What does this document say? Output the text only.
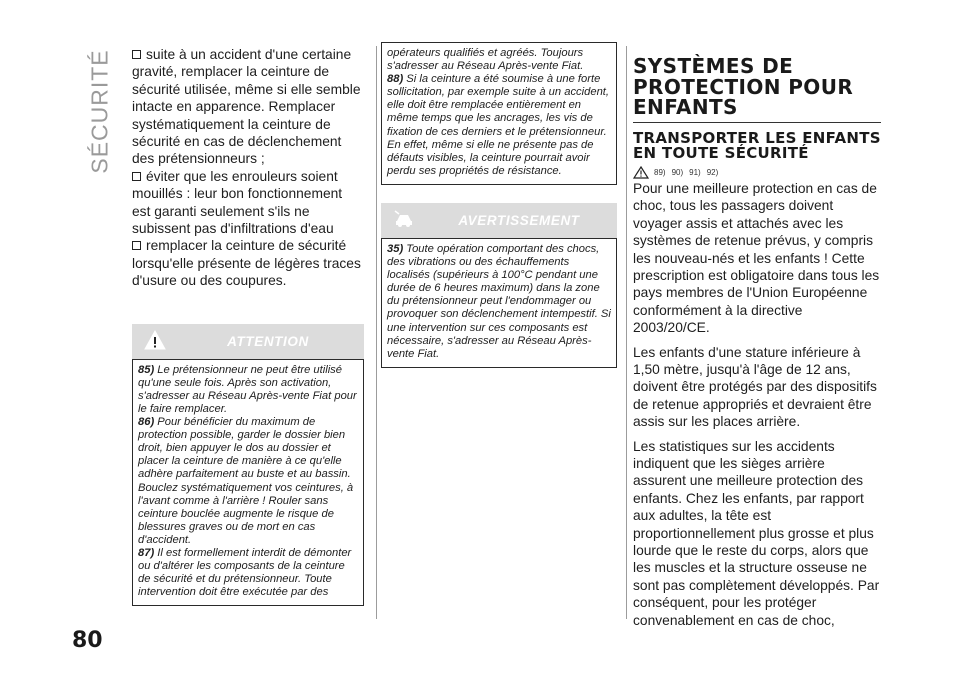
SÉCURITÉ	suite à un accident d'une certaine gravité, remplacer la ceinture de sécurité utilisée, même si elle semble intacte en apparence. Remplacer systématiquement la ceinture de sécurité en cas de déclenchement des prétensionneurs ;
éviter que les enrouleurs soient mouillés : leur bon fonctionnement est garanti seulement s'ils ne subissent pas d'infiltrations d'eau
remplacer la ceinture de sécurité lorsqu'elle présente de légères traces d'usure ou des coupures.
ATTENTION

85) Le prétensionneur ne peut être utilisé qu'une seule fois. Après son activation, s'adresser au Réseau Après-vente Fiat pour le faire remplacer.

86) Pour bénéficier du maximum de protection possible, garder le dossier bien droit, bien appuyer le dos au dossier et placer la ceinture de manière à ce qu'elle adhère parfaitement au buste et au bassin. Bouclez systématiquement vos ceintures, à l'avant comme à l'arrière ! Rouler sans ceinture bouclée augmente le risque de blessures graves ou de mort en cas d'accident.

87) Il est formellement interdit de démonter ou d'altérer les composants de la ceinture de sécurité et du prétensionneur. Toute intervention doit être exécutée par des

opérateurs qualifiés et agréés. Toujours s'adresser au Réseau Après-vente Fiat.

88) Si la ceinture a été soumise à une forte sollicitation, par exemple suite à un accident, elle doit être remplacée entièrement en même temps que les ancrages, les vis de fixation de ces derniers et le prétensionneur. En effet, même si elle ne présente pas de défauts visibles, la ceinture pourrait avoir perdu ses propriétés de résistance.

AVERTISSEMENT

35) Toute opération comportant des chocs, des vibrations ou des échauffements localisés (supérieurs à 100°C pendant une durée de 6 heures maximum) dans la zone du prétensionneur peut l'endommager ou provoquer son déclenchement intempestif. Si une intervention sur ces composants est nécessaire, s'adresser au Réseau Après-vente Fiat.

SYSTÈMES DE PROTECTION POUR ENFANTS
TRANSPORTER LES ENFANTS EN TOUTE SÉCURITÉ
89) 90) 91) 92)

Pour une meilleure protection en cas de choc, tous les passagers doivent voyager assis et attachés avec les systèmes de retenue prévus, y compris les nouveau-nés et les enfants ! Cette prescription est obligatoire dans tous les pays membres de l'Union Européenne conformément à la directive 2003/20/CE.

Les enfants d'une stature inférieure à 1,50 mètre, jusqu'à l'âge de 12 ans, doivent être protégés par des dispositifs de retenue appropriés et devraient être assis sur les places arrière.

Les statistiques sur les accidents indiquent que les sièges arrière assurent une meilleure protection des enfants. Chez les enfants, par rapport aux adultes, la tête est proportionnellement plus grosse et plus lourde que le reste du corps, alors que les muscles et la structure osseuse ne sont pas complètement développés. Par conséquent, pour les protéger convenablement en cas de choc,

80
